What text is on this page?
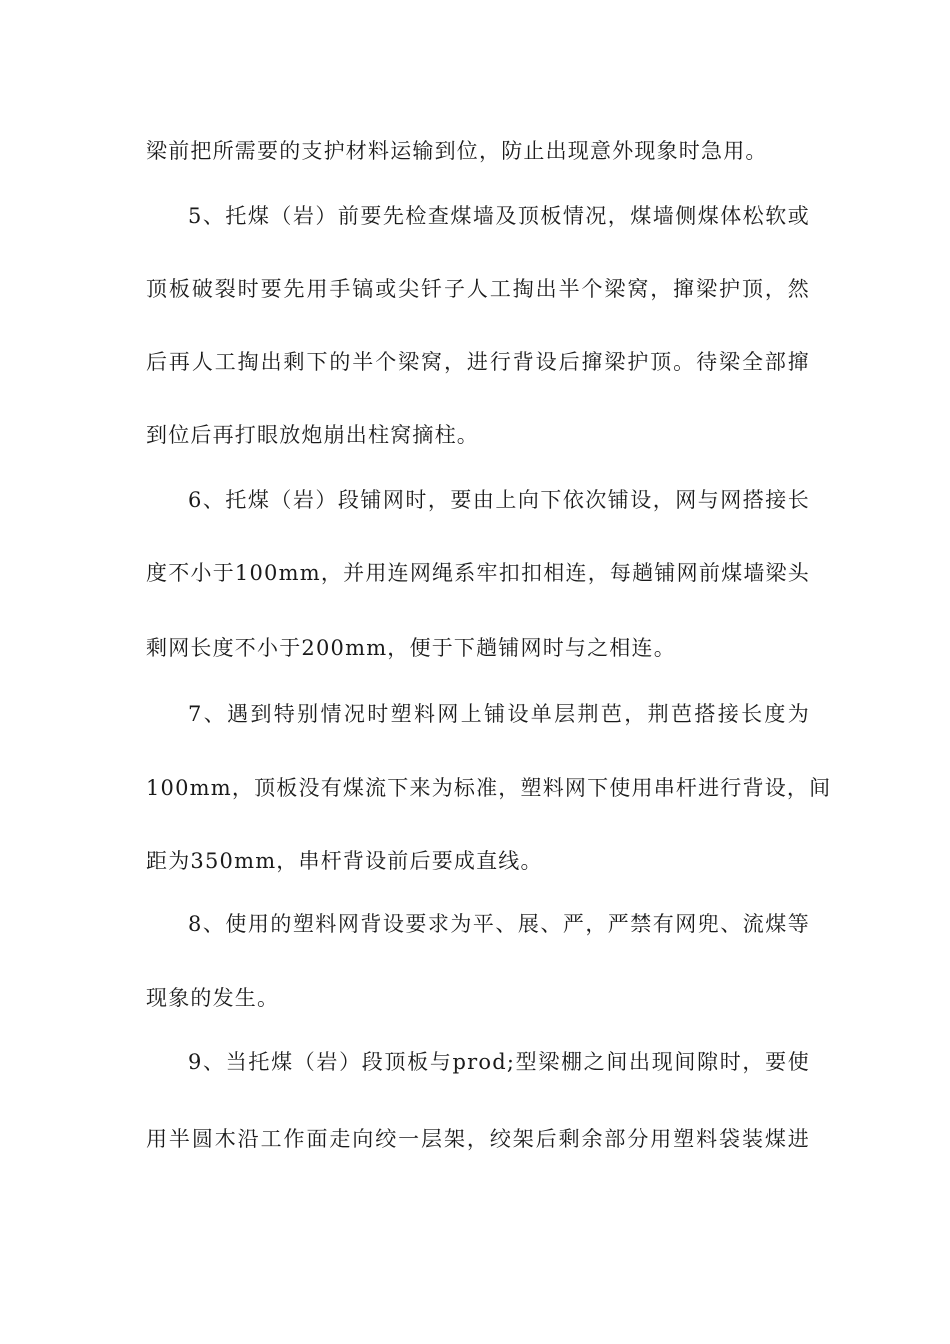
梁前把所需要的支护材料运输到位，防止出现意外现象时急用。
5、托煤（岩）前要先检查煤墙及顶板情况，煤墙侧煤体松软或
顶板破裂时要先用手镐或尖钎子人工掏出半个梁窝，撺梁护顶，然
后再人工掏出剩下的半个梁窝，进行背设后撺梁护顶。待梁全部撺
到位后再打眼放炮崩出柱窝摘柱。
6、托煤（岩）段铺网时，要由上向下依次铺设，网与网搭接长
度不小于100mm，并用连网绳系牢扣扣相连，每趟铺网前煤墙梁头
剩网长度不小于200mm，便于下趟铺网时与之相连。
7、遇到特别情况时塑料网上铺设单层荆芭，荆芭搭接长度为
100mm，顶板没有煤流下来为标准，塑料网下使用串杆进行背设，间
距为350mm，串杆背设前后要成直线。
8、使用的塑料网背设要求为平、展、严，严禁有网兜、流煤等
现象的发生。
9、当托煤（岩）段顶板与prod;型梁棚之间出现间隙时，要使
用半圆木沿工作面走向绞一层架，绞架后剩余部分用塑料袋装煤进
